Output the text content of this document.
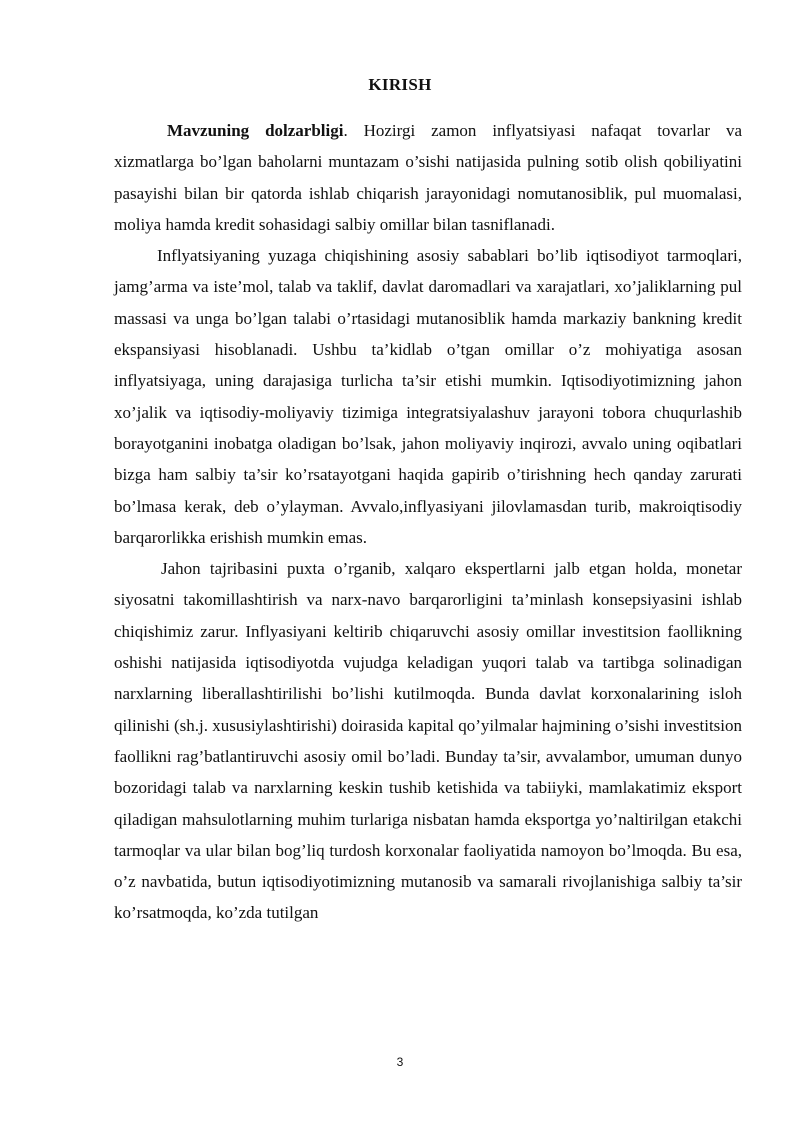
KIRISH

Mavzuning dolzarbligi. Hozirgi zamon inflyatsiyasi nafaqat tovarlar va xizmatlarga bo’lgan baholarni muntazam o’sishi natijasida pulning sotib olish qobiliyatini pasayishi bilan bir qatorda ishlab chiqarish jarayonidagi nomutanosiblik, pul muomalasi, moliya hamda kredit sohasidagi salbiy omillar bilan tasniflanadi.

Inflyatsiyaning yuzaga chiqishining asosiy sabablari bo’lib iqtisodiyot tarmoqlari, jamg’arma va iste’mol, talab va taklif, davlat daromadlari va xarajatlari, xo’jaliklarning pul massasi va unga bo’lgan talabi o’rtasidagi mutanosiblik hamda markaziy bankning kredit ekspansiyasi hisoblanadi. Ushbu ta’kidlab o’tgan omillar o’z mohiyatiga asosan inflyatsiyaga, uning darajasiga turlicha ta’sir etishi mumkin. Iqtisodiyotimizning jahon xo’jalik va iqtisodiy-moliyaviy tizimiga integratsiyalashuv jarayoni tobora chuqurlashib borayotganini inobatga oladigan bo’lsak, jahon moliyaviy inqirozi, avvalo uning oqibatlari bizga ham salbiy ta’sir ko’rsatayotgani haqida gapirib o’tirishning hech qanday zarurati bo’lmasa kerak, deb o’ylayman. Avvalo,inflyasiyani jilovlamasdan turib, makroiqtisodiy barqarorlikka erishish mumkin emas.

Jahon tajribasini puxta o’rganib, xalqaro ekspertlarni jalb etgan holda, monetar siyosatni takomillashtirish va narx-navo barqarorligini ta’minlash konsepsiyasini ishlab chiqishimiz zarur. Inflyasiyani keltirib chiqaruvchi asosiy omillar investitsion faollikning oshishi natijasida iqtisodiyotda vujudga keladigan yuqori talab va tartibga solinadigan narxlarning liberallashtirilishi bo’lishi kutilmoqda. Bunda davlat korxonalarining isloh qilinishi (sh.j. xususiylashtirishi) doirasida kapital qo’yilmalar hajmining o’sishi investitsion faollikni rag’batlantiruvchi asosiy omil bo’ladi. Bunday ta’sir, avvalambor, umuman dunyo bozoridagi talab va narxlarning keskin tushib ketishida va tabiiyki, mamlakatimiz eksport qiladigan mahsulotlarning muhim turlariga nisbatan hamda eksportga yo’naltirilgan etakchi tarmoqlar va ular bilan bog’liq turdosh korxonalar faoliyatida namoyon bo’lmoqda. Bu esa, o’z navbatida, butun iqtisodiyotimizning mutanosib va samarali rivojlanishiga salbiy ta’sir ko’rsatmoqda, ko’zda tutilgan

3
